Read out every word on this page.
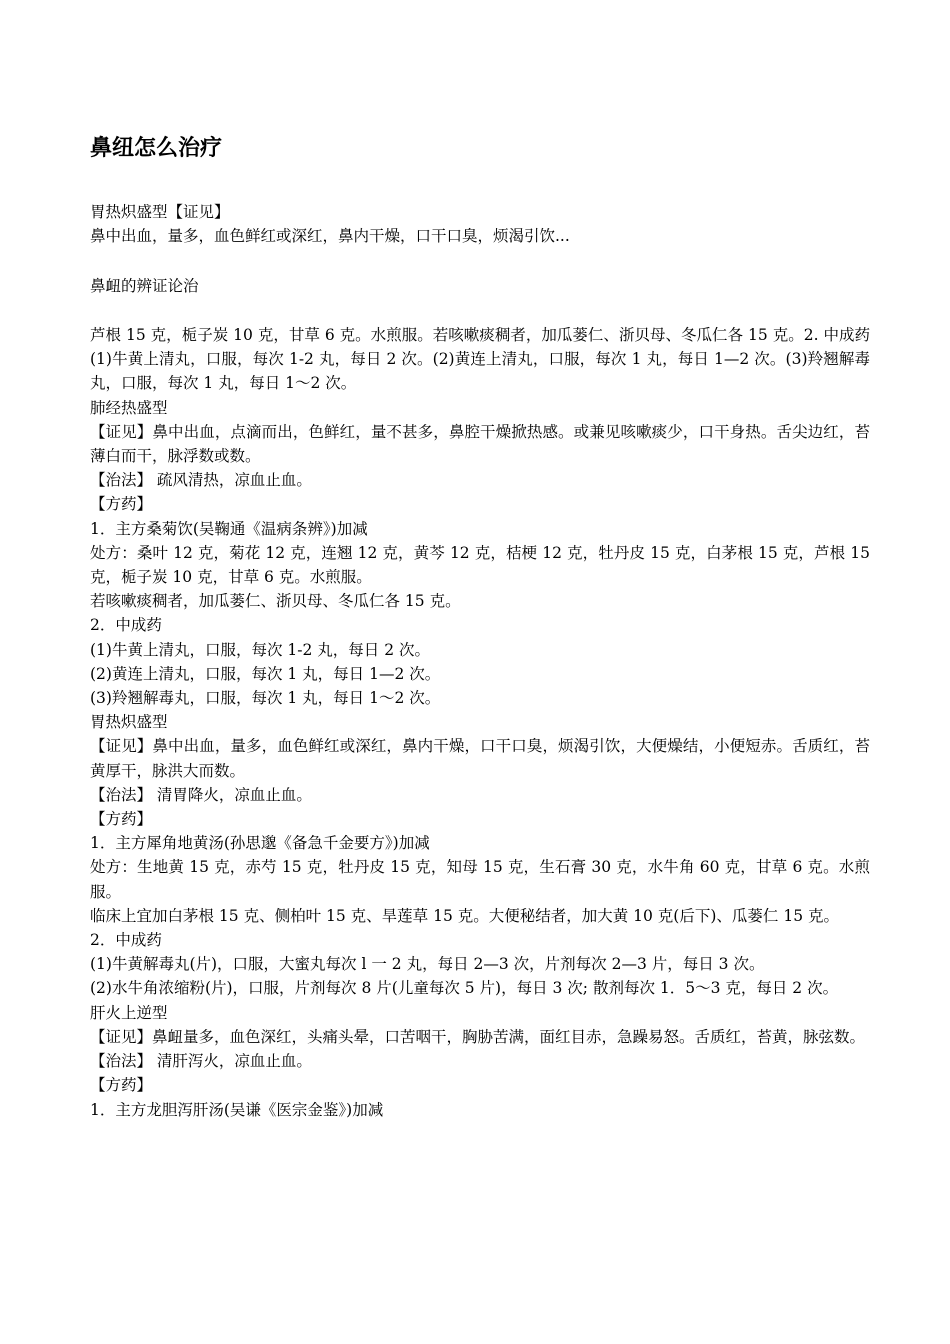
鼻纽怎么治疗

胃热炽盛型【证见】

鼻中出血，量多，血色鲜红或深红，鼻内干燥，口干口臭，烦渴引饮...

鼻衄的辨证论治

芦根 15 克，栀子炭 10 克，甘草 6 克。水煎服。若咳嗽痰稠者，加瓜蒌仁、浙贝母、冬瓜仁各 15 克。2. 中成药(1)牛黄上清丸，口服，每次 1-2 丸，每日 2 次。(2)黄连上清丸，口服，每次 1 丸，每日 1—2 次。(3)羚翘解毒丸，口服，每次 1 丸，每日 1～2 次。

肺经热盛型

【证见】鼻中出血，点滴而出，色鲜红，量不甚多，鼻腔干燥掀热感。或兼见咳嗽痰少，口干身热。舌尖边红，苔薄白而干，脉浮数或数。

【治法】 疏风清热，凉血止血。

【方药】

1．主方桑菊饮(吴鞠通《温病条辨》)加减

处方：桑叶 12 克，菊花 12 克，连翘 12 克，黄芩 12 克，桔梗 12 克，牡丹皮 15 克，白茅根 15 克，芦根 15 克，栀子炭 10 克，甘草 6 克。水煎服。

若咳嗽痰稠者，加瓜蒌仁、浙贝母、冬瓜仁各 15 克。

2．中成药

(1)牛黄上清丸，口服，每次 1-2 丸，每日 2 次。

(2)黄连上清丸，口服，每次 1 丸，每日 1—2 次。

(3)羚翘解毒丸，口服，每次 1 丸，每日 1～2 次。

胃热炽盛型

【证见】鼻中出血，量多，血色鲜红或深红，鼻内干燥，口干口臭，烦渴引饮，大便燥结，小便短赤。舌质红，苔黄厚干，脉洪大而数。

【治法】 清胃降火，凉血止血。

【方药】

1．主方犀角地黄汤(孙思邈《备急千金要方》)加减

处方：生地黄 15 克，赤芍 15 克，牡丹皮 15 克，知母 15 克，生石膏 30 克，水牛角 60 克，甘草 6 克。水煎服。

临床上宜加白茅根 15 克、侧柏叶 15 克、旱莲草 15 克。大便秘结者，加大黄 10 克(后下)、瓜蒌仁 15 克。

2．中成药

(1)牛黄解毒丸(片)，口服，大蜜丸每次 l 一 2 丸，每日 2—3 次，片剂每次 2—3 片，每日 3 次。

(2)水牛角浓缩粉(片)，口服，片剂每次 8 片(儿童每次 5 片)，每日 3 次; 散剂每次 1．5～3 克，每日 2 次。

肝火上逆型

【证见】鼻衄量多，血色深红，头痛头晕，口苦咽干，胸胁苦满，面红目赤，急躁易怒。舌质红，苔黄，脉弦数。

【治法】 清肝泻火，凉血止血。

【方药】

1．主方龙胆泻肝汤(吴谦《医宗金鉴》)加减
